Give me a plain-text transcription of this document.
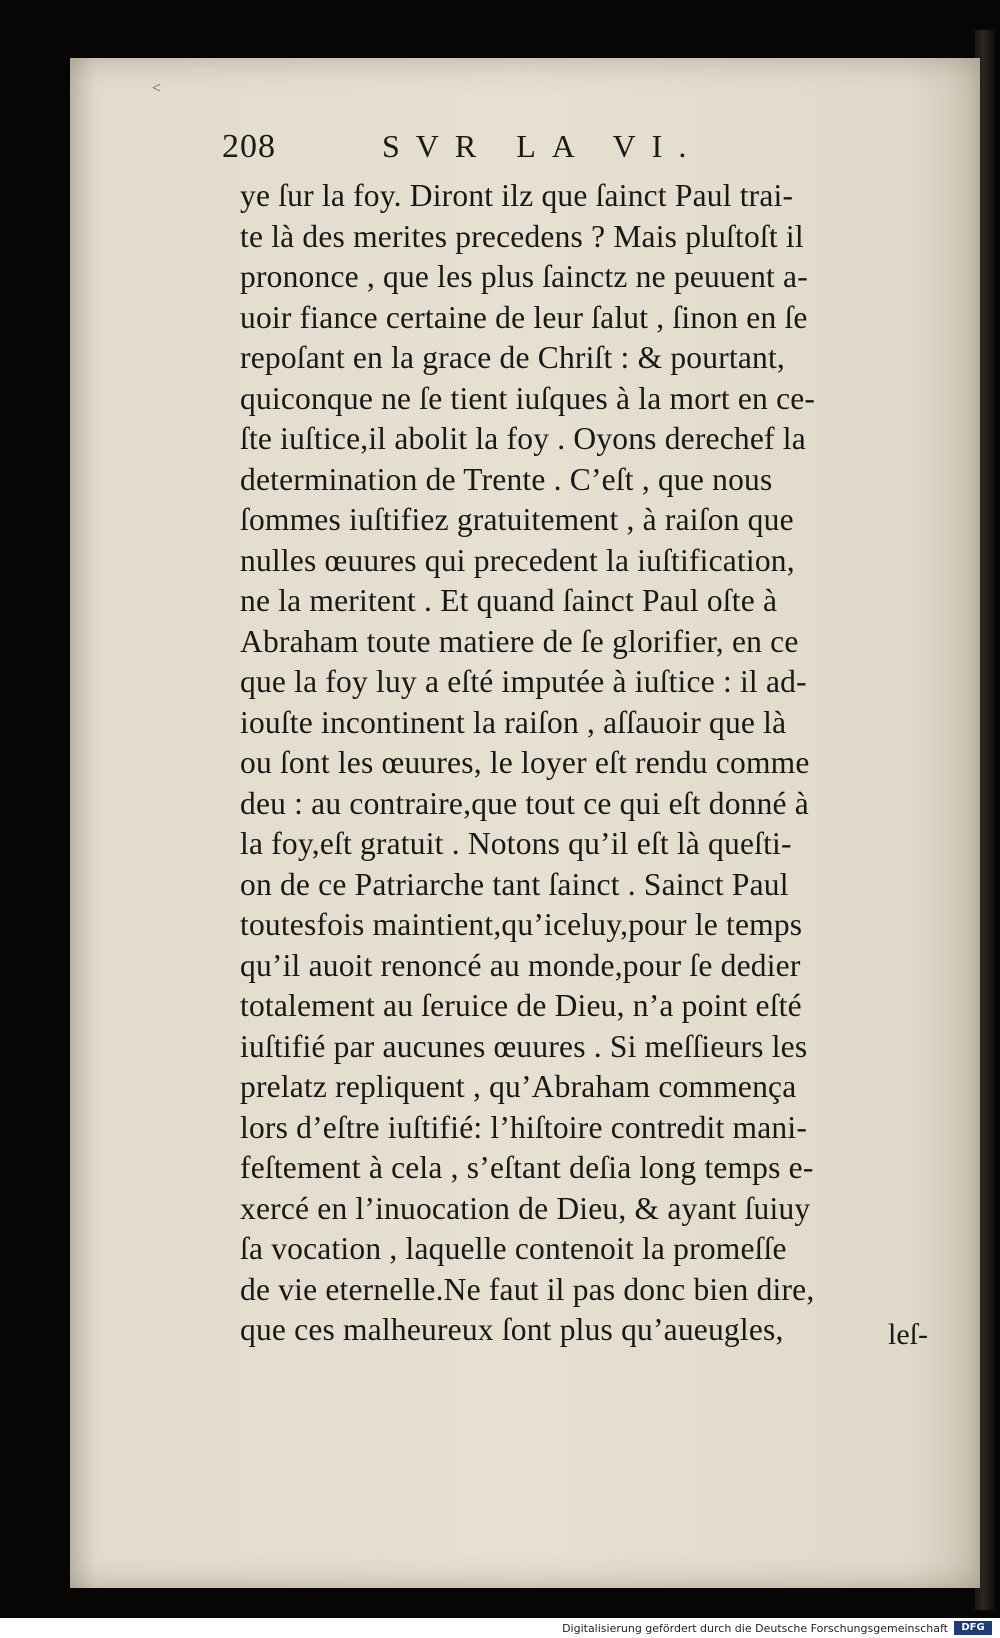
˂
208	SVR LA VI.
ye ſur la foy. Diront ilz que ſainct Paul trai-
te là des merites precedens ? Mais pluſtoſt il
prononce , que les plus ſainctz ne peuuent a-
uoir fiance certaine de leur ſalut , ſinon en ſe
repoſant en la grace de Chriſt : & pourtant,
quiconque ne ſe tient iuſques à la mort en ce-
ſte iuſtice,il abolit la foy . Oyons derechef la
determination de Trente . C’eſt , que nous
ſommes iuſtifiez gratuitement , à raiſon que
nulles œuures qui precedent la iuſtification,
ne la meritent . Et quand ſainct Paul oſte à
Abraham toute matiere de ſe glorifier, en ce
que la foy luy a eſté imputée à iuſtice : il ad-
iouſte incontinent la raiſon , aſſauoir que là
ou ſont les œuures, le loyer eſt rendu comme
deu : au contraire,que tout ce qui eſt donné à
la foy,eſt gratuit . Notons qu’il eſt là queſti-
on de ce Patriarche tant ſainct . Sainct Paul
toutesfois maintient,qu’iceluy,pour le temps
qu’il auoit renoncé au monde,pour ſe dedier
totalement au ſeruice de Dieu, n’a point eſté
iuſtifié par aucunes œuures . Si meſſieurs les
prelatz repliquent , qu’Abraham commença
lors d’eſtre iuſtifié: l’hiſtoire contredit mani-
feſtement à cela , s’eſtant deſia long temps e-
xercé en l’inuocation de Dieu, & ayant ſuiuy
ſa vocation , laquelle contenoit la promeſſe
de vie eternelle.Ne faut il pas donc bien dire,
que ces malheureux ſont plus qu’aueugles,	leſ-
Digitalisierung gefördert durch die Deutsche Forschungsgemeinschaft	DFG
